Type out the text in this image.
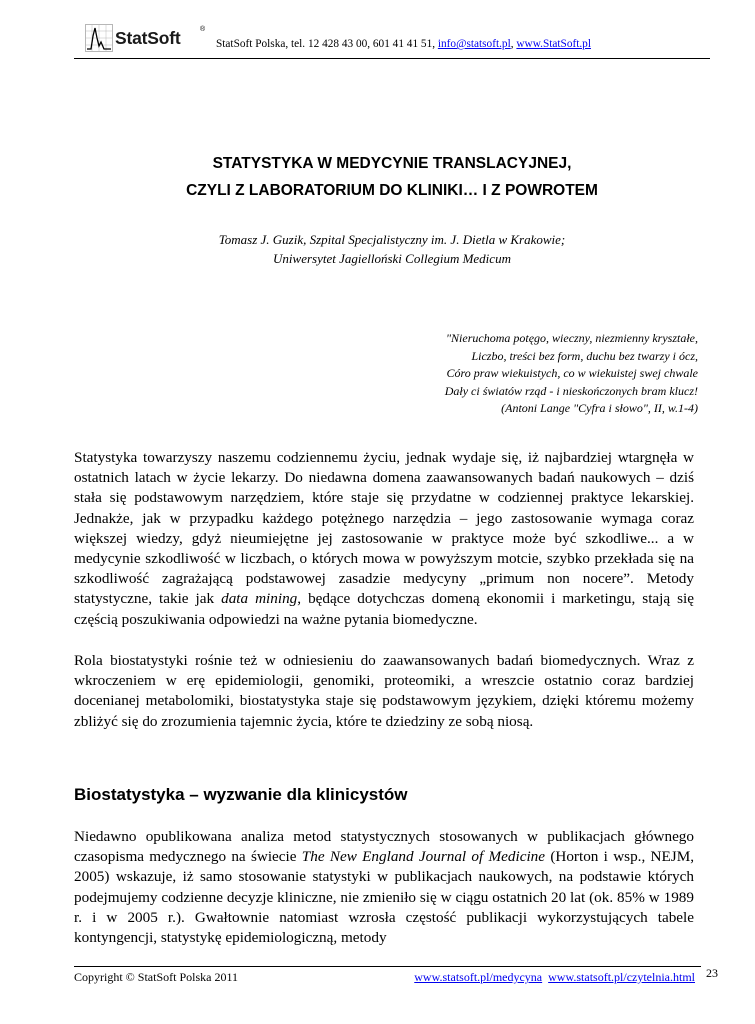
StatSoft	®
StatSoft Polska, tel. 12 428 43 00, 601 41 41 51, info@statsoft.pl, www.StatSoft.pl
STATYSTYKA W MEDYCYNIE TRANSLACYJNEJ,
CZYLI Z LABORATORIUM DO KLINIKI… I Z POWROTEM

Tomasz J. Guzik, Szpital Specjalistyczny im. J. Dietla w Krakowie;
Uniwersytet Jagielloński Collegium Medicum

"Nieruchoma potęgo, wieczny, niezmienny kryształe,
Liczbo, treści bez form, duchu bez twarzy i ócz,
Córo praw wiekuistych, co w wiekuistej swej chwale
Dały ci światów rząd - i nieskończonych bram klucz!
(Antoni Lange "Cyfra i słowo", II, w.1-4)

Statystyka towarzyszy naszemu codziennemu życiu, jednak wydaje się, iż najbardziej wtargnęła w ostatnich latach w życie lekarzy. Do niedawna domena zaawansowanych badań naukowych – dziś stała się podstawowym narzędziem, które staje się przydatne w codziennej praktyce lekarskiej. Jednakże, jak w przypadku każdego potężnego narzędzia – jego zastosowanie wymaga coraz większej wiedzy, gdyż nieumiejętne jej zastosowanie w praktyce może być szkodliwe... a w medycynie szkodliwość w liczbach, o których mowa w powyższym motcie, szybko przekłada się na szkodliwość zagrażającą podstawowej zasadzie medycyny „primum non nocere”. Metody statystyczne, takie jak data mining, będące dotychczas domeną ekonomii i marketingu, stają się częścią poszukiwania odpowiedzi na ważne pytania biomedyczne.

Rola biostatystyki rośnie też w odniesieniu do zaawansowanych badań biomedycznych. Wraz z wkroczeniem w erę epidemiologii, genomiki, proteomiki, a wreszcie ostatnio coraz bardziej docenianej metabolomiki, biostatystyka staje się podstawowym językiem, dzięki któremu możemy zbliżyć się do zrozumienia tajemnic życia, które te dziedziny ze sobą niosą.

Biostatystyka – wyzwanie dla klinicystów

Niedawno opublikowana analiza metod statystycznych stosowanych w publikacjach głównego czasopisma medycznego na świecie The New England Journal of Medicine (Horton i wsp., NEJM, 2005) wskazuje, iż samo stosowanie statystyki w publikacjach naukowych, na podstawie których podejmujemy codzienne decyzje kliniczne, nie zmieniło się w ciągu ostatnich 20 lat (ok. 85% w 1989 r. i w 2005 r.). Gwałtownie natomiast wzrosła częstość publikacji wykorzystujących tabele kontyngencji, statystykę epidemiologiczną, metody

Copyright © StatSoft Polska 2011	www.statsoft.pl/medycyna www.statsoft.pl/czytelnia.html 23
